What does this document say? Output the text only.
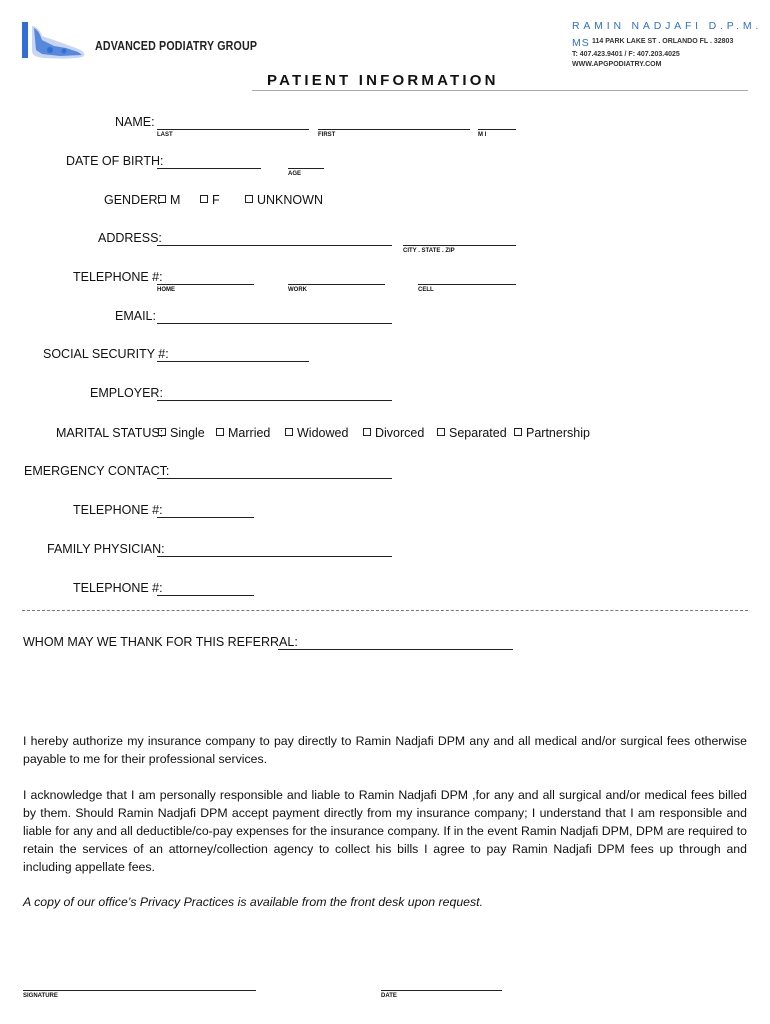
ADVANCED PODIATRY GROUP
RAMIN NADJAFI D.P.M.
MS 114 PARK LAKE ST . ORLANDO FL . 32803
T: 407.423.9401 / F: 407.203.4025
WWW.APGPODIATRY.COM
PATIENT INFORMATION
NAME:
LAST	FIRST	M I
DATE OF BIRTH:
AGE
GENDER: M	F	UNKNOWN
ADDRESS:
CITY . STATE . ZIP
TELEPHONE #:
HOME	WORK	CELL
EMAIL:
SOCIAL SECURITY #:
EMPLOYER:
MARITAL STATUS: Single	Married	Widowed	Divorced	Separated	Partnership
EMERGENCY CONTACT:
TELEPHONE #:
FAMILY PHYSICIAN:
TELEPHONE #:
WHOM MAY WE THANK FOR THIS REFERRAL:
I hereby authorize my insurance company to pay directly to Ramin Nadjafi DPM any and all medical and/or surgical fees otherwise payable to me for their professional services.
I acknowledge that I am personally responsible and liable to Ramin Nadjafi DPM ,for any and all surgical and/or medical fees billed by them. Should Ramin Nadjafi DPM accept payment directly from my insurance company; I understand that I am responsible and liable for any and all deductible/co-pay expenses for the insurance company. If in the event Ramin Nadjafi DPM, DPM are required to retain the services of an attorney/collection agency to collect his bills I agree to pay Ramin Nadjafi DPM fees up through and including appellate fees.
A copy of our office’s Privacy Practices is available from the front desk upon request.
SIGNATURE	DATE
